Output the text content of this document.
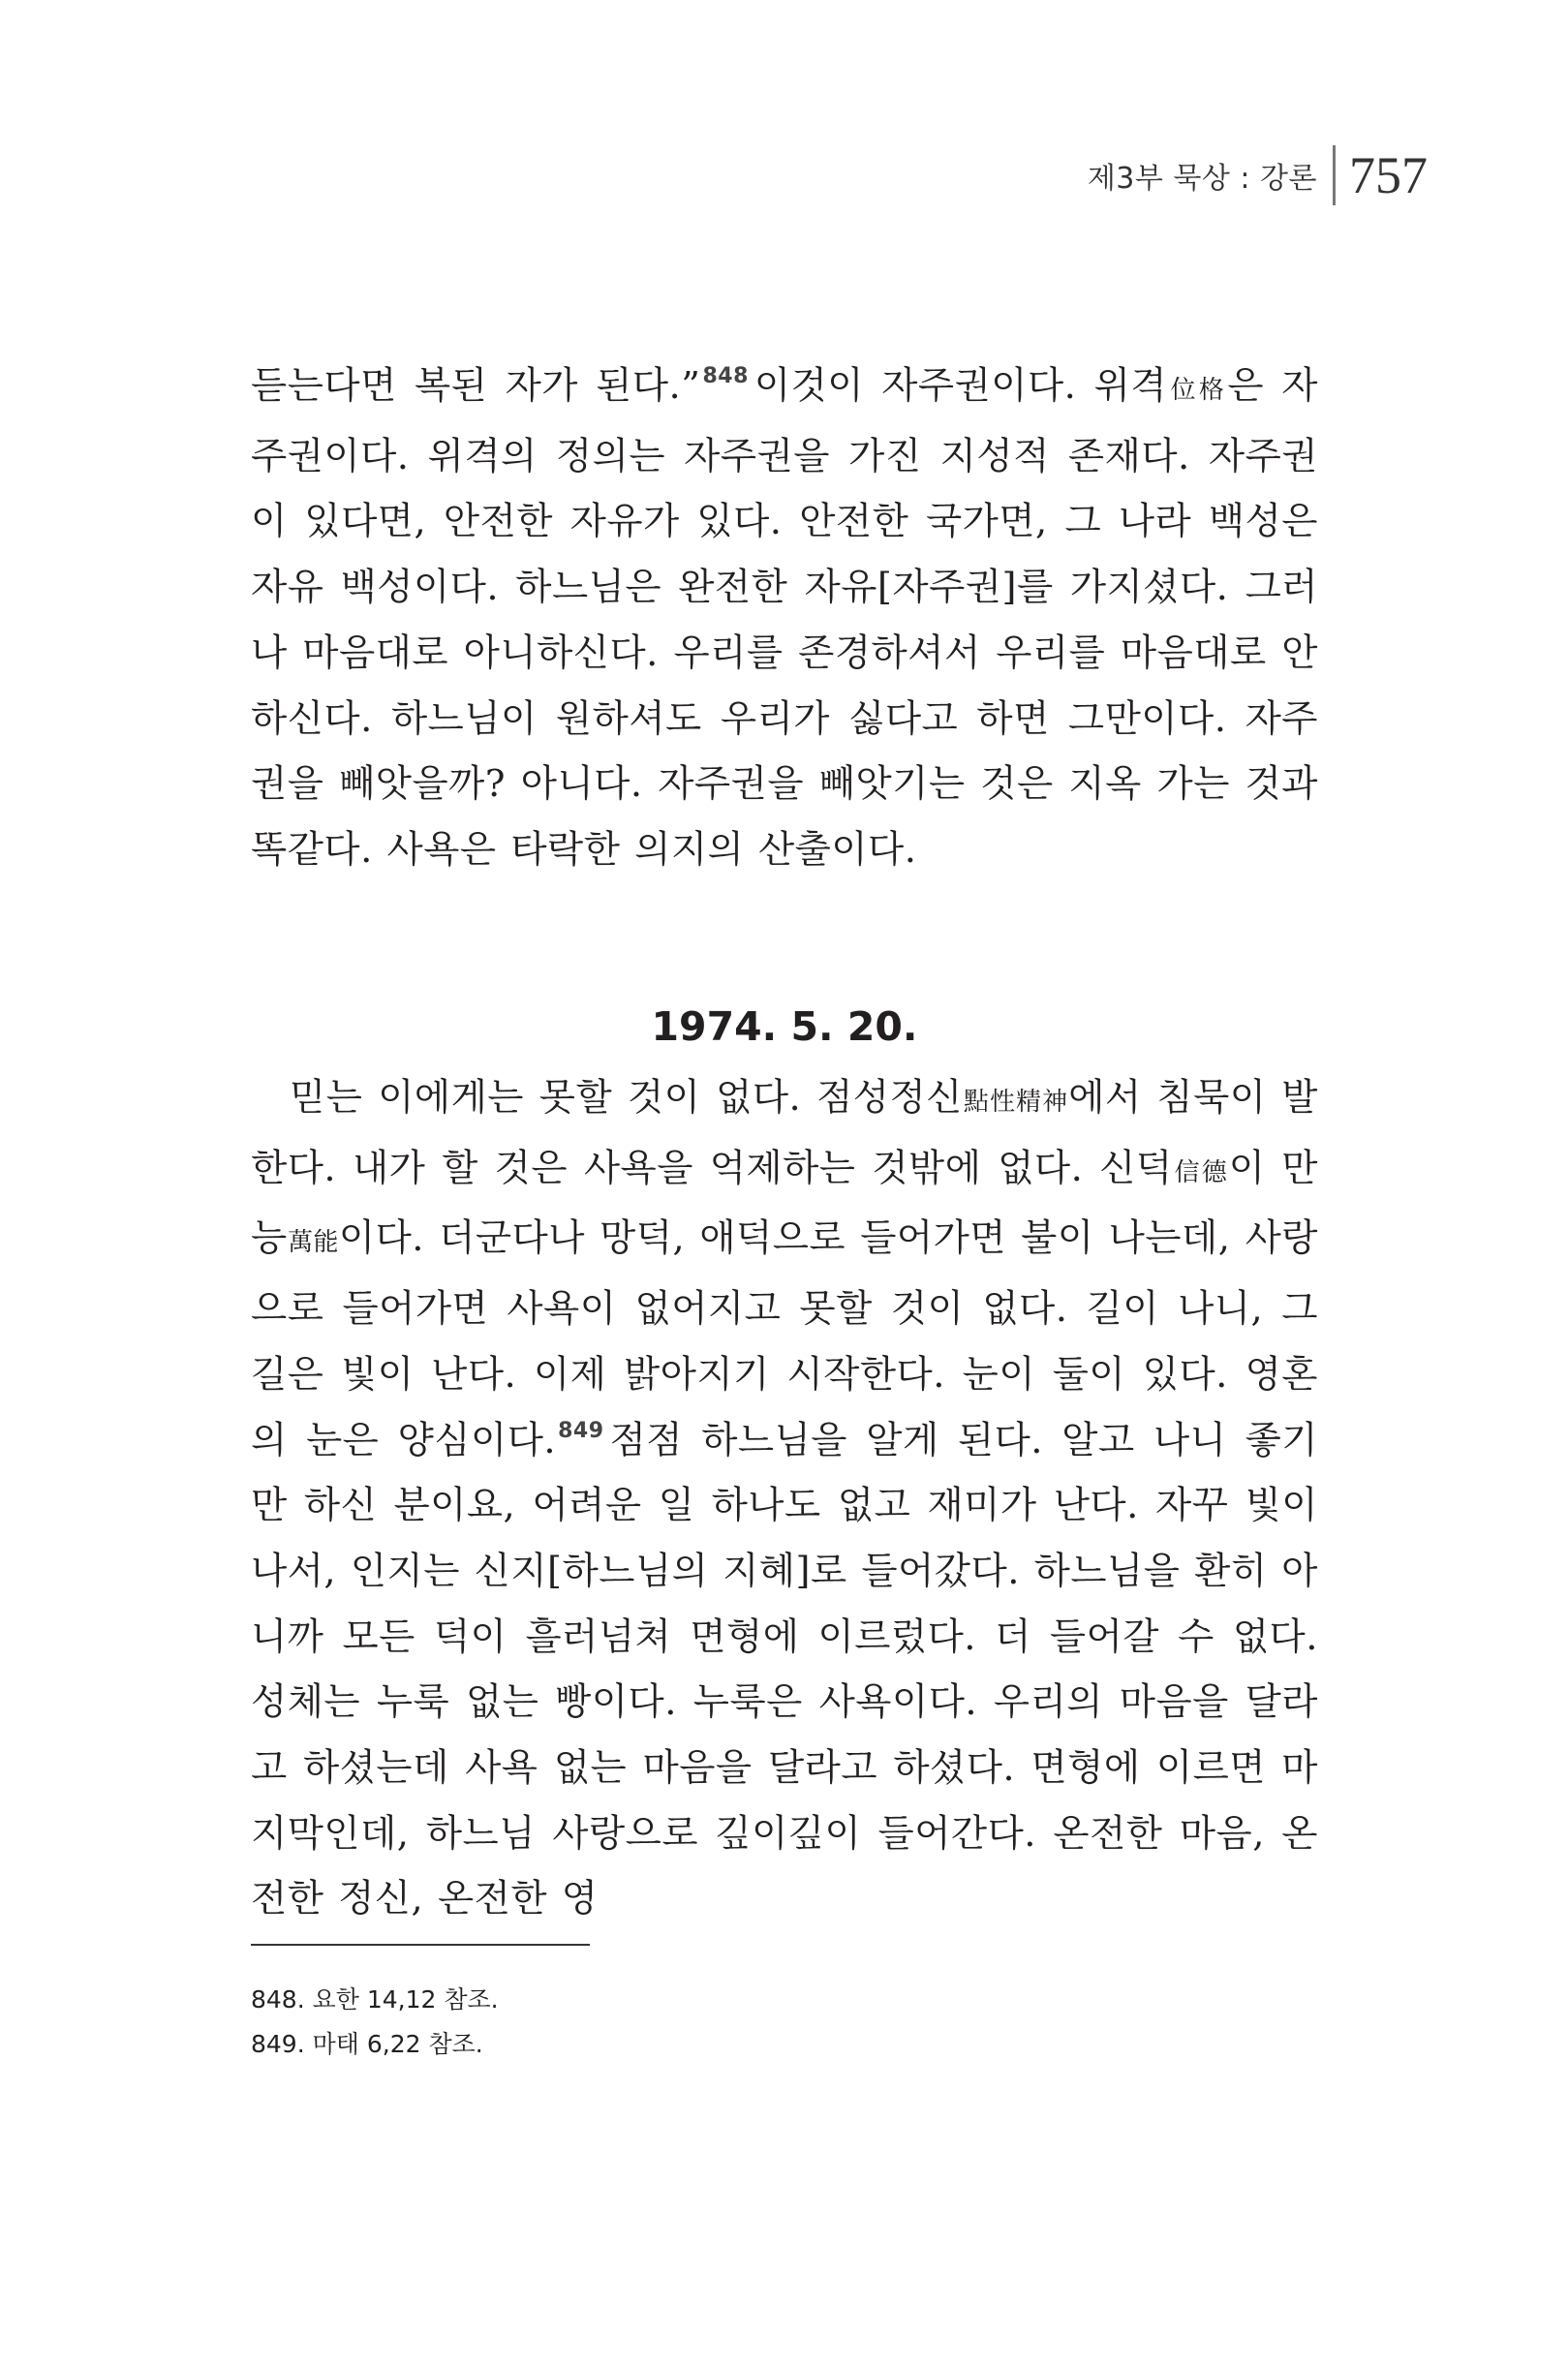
제3부 묵상 : 강론 757

듣는다면 복된 자가 된다.”$^{848}$ 이것이 자주권이다. 위격位格은 자주권이다. 위격의 정의는 자주권을 가진 지성적 존재다. 자주권이 있다면, 안전한 자유가 있다. 안전한 국가면, 그 나라 백성은 자유 백성이다. 하느님은 완전한 자유[자주권]를 가지셨다. 그러나 마음대로 아니하신다. 우리를 존경하셔서 우리를 마음대로 안 하신다. 하느님이 원하셔도 우리가 싫다고 하면 그만이다. 자주권을 빼앗을까? 아니다. 자주권을 빼앗기는 것은 지옥 가는 것과 똑같다. 사욕은 타락한 의지의 산출이다.

1974. 5. 20.

믿는 이에게는 못할 것이 없다. 점성정신點性精神에서 침묵이 발한다. 내가 할 것은 사욕을 억제하는 것밖에 없다. 신덕信德이 만능萬能이다. 더군다나 망덕, 애덕으로 들어가면 불이 나는데, 사랑으로 들어가면 사욕이 없어지고 못할 것이 없다. 길이 나니, 그 길은 빛이 난다. 이제 밝아지기 시작한다. 눈이 둘이 있다. 영혼의 눈은 양심이다.$^{849}$ 점점 하느님을 알게 된다. 알고 나니 좋기만 하신 분이요, 어려운 일 하나도 없고 재미가 난다. 자꾸 빛이 나서, 인지는 신지[하느님의 지혜]로 들어갔다. 하느님을 환히 아니까 모든 덕이 흘러넘쳐 면형에 이르렀다. 더 들어갈 수 없다. 성체는 누룩 없는 빵이다. 누룩은 사욕이다. 우리의 마음을 달라고 하셨는데 사욕 없는 마음을 달라고 하셨다. 면형에 이르면 마지막인데, 하느님 사랑으로 깊이깊이 들어간다. 온전한 마음, 온전한 정신, 온전한 영

848. 요한 14,12 참조.
849. 마태 6,22 참조.
